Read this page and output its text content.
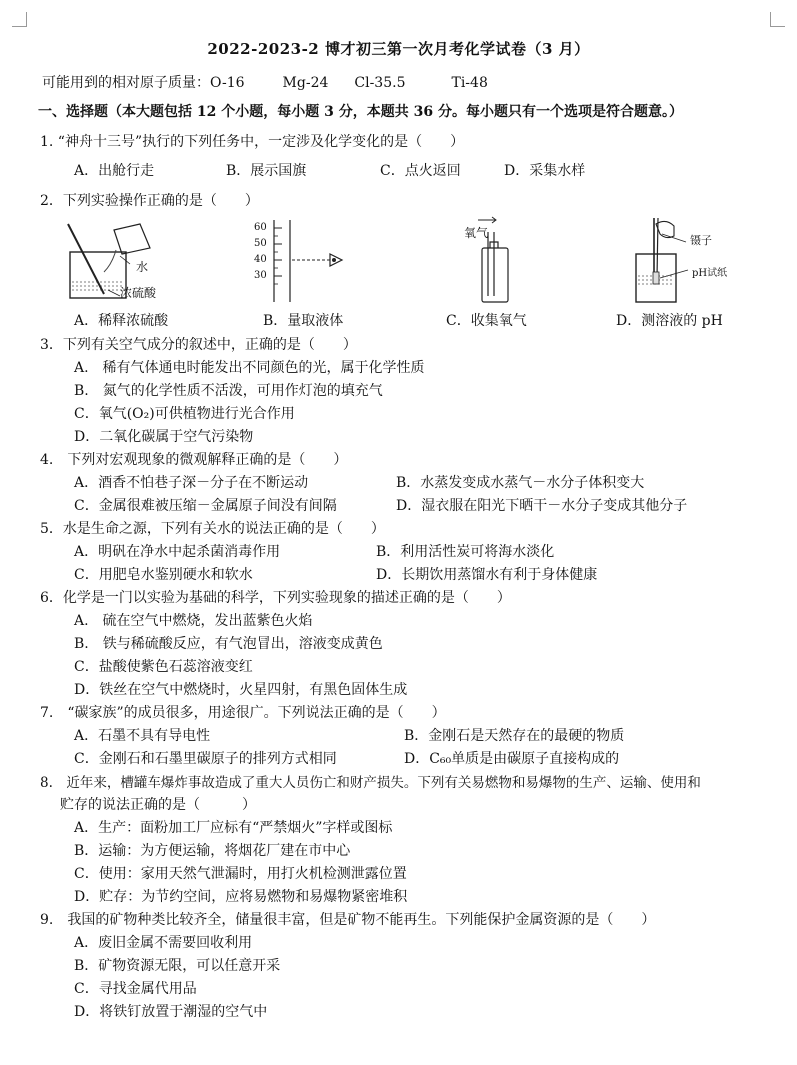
2022-2023-2 博才初三第一次月考化学试卷（3 月）
可能用到的相对原子质量：O-16	Mg-24 Cl-35.5	Ti-48
一、选择题（本大题包括 12 个小题，每小题 3 分，本题共 36 分。每小题只有一个选项是符合题意。）
1. “神舟十三号”执行的下列任务中，一定涉及化学变化的是（　　）
A．出舱行走	B．展示国旗	C．点火返回	D．采集水样
2．下列实验操作正确的是（　　）
水
浓硫酸
60
50
40
30
氧气
镊子
pH试纸
A．稀释浓硫酸	B．量取液体	C．收集氧气	D．测溶液的 pH
3．下列有关空气成分的叙述中，正确的是（　　）
A.　稀有气体通电时能发出不同颜色的光，属于化学性质
B.　氮气的化学性质不活泼，可用作灯泡的填充气
C．氧气(O₂)可供植物进行光合作用
D．二氧化碳属于空气污染物
4.　下列对宏观现象的微观解释正确的是（　　）
A．酒香不怕巷子深－分子在不断运动	B．水蒸发变成水蒸气－水分子体积变大
C．金属很难被压缩－金属原子间没有间隔	D．湿衣服在阳光下晒干－水分子变成其他分子
5．水是生命之源，下列有关水的说法正确的是（　　）
A．明矾在净水中起杀菌消毒作用	B．利用活性炭可将海水淡化
C．用肥皂水鉴别硬水和软水	D．长期饮用蒸馏水有利于身体健康
6．化学是一门以实验为基础的科学，下列实验现象的描述正确的是（　　）
A.　硫在空气中燃烧，发出蓝紫色火焰
B.　铁与稀硫酸反应，有气泡冒出，溶液变成黄色
C．盐酸使紫色石蕊溶液变红
D．铁丝在空气中燃烧时，火星四射，有黑色固体生成
7.　“碳家族”的成员很多，用途很广。下列说法正确的是（　　）
A．石墨不具有导电性	B．金刚石是天然存在的最硬的物质
C．金刚石和石墨里碳原子的排列方式相同	D．C₆₀单质是由碳原子直接构成的
8.　近年来，槽罐车爆炸事故造成了重大人员伤亡和财产损失。下列有关易燃物和易爆物的生产、运输、使用和
贮存的说法正确的是（　　　）
A．生产：面粉加工厂应标有“严禁烟火”字样或图标
B．运输：为方便运输，将烟花厂建在市中心
C．使用：家用天然气泄漏时，用打火机检测泄露位置
D．贮存：为节约空间，应将易燃物和易爆物紧密堆积
9.　我国的矿物种类比较齐全，储量很丰富，但是矿物不能再生。下列能保护金属资源的是（　　）
A．废旧金属不需要回收利用
B．矿物资源无限，可以任意开采
C．寻找金属代用品
D．将铁钉放置于潮湿的空气中
